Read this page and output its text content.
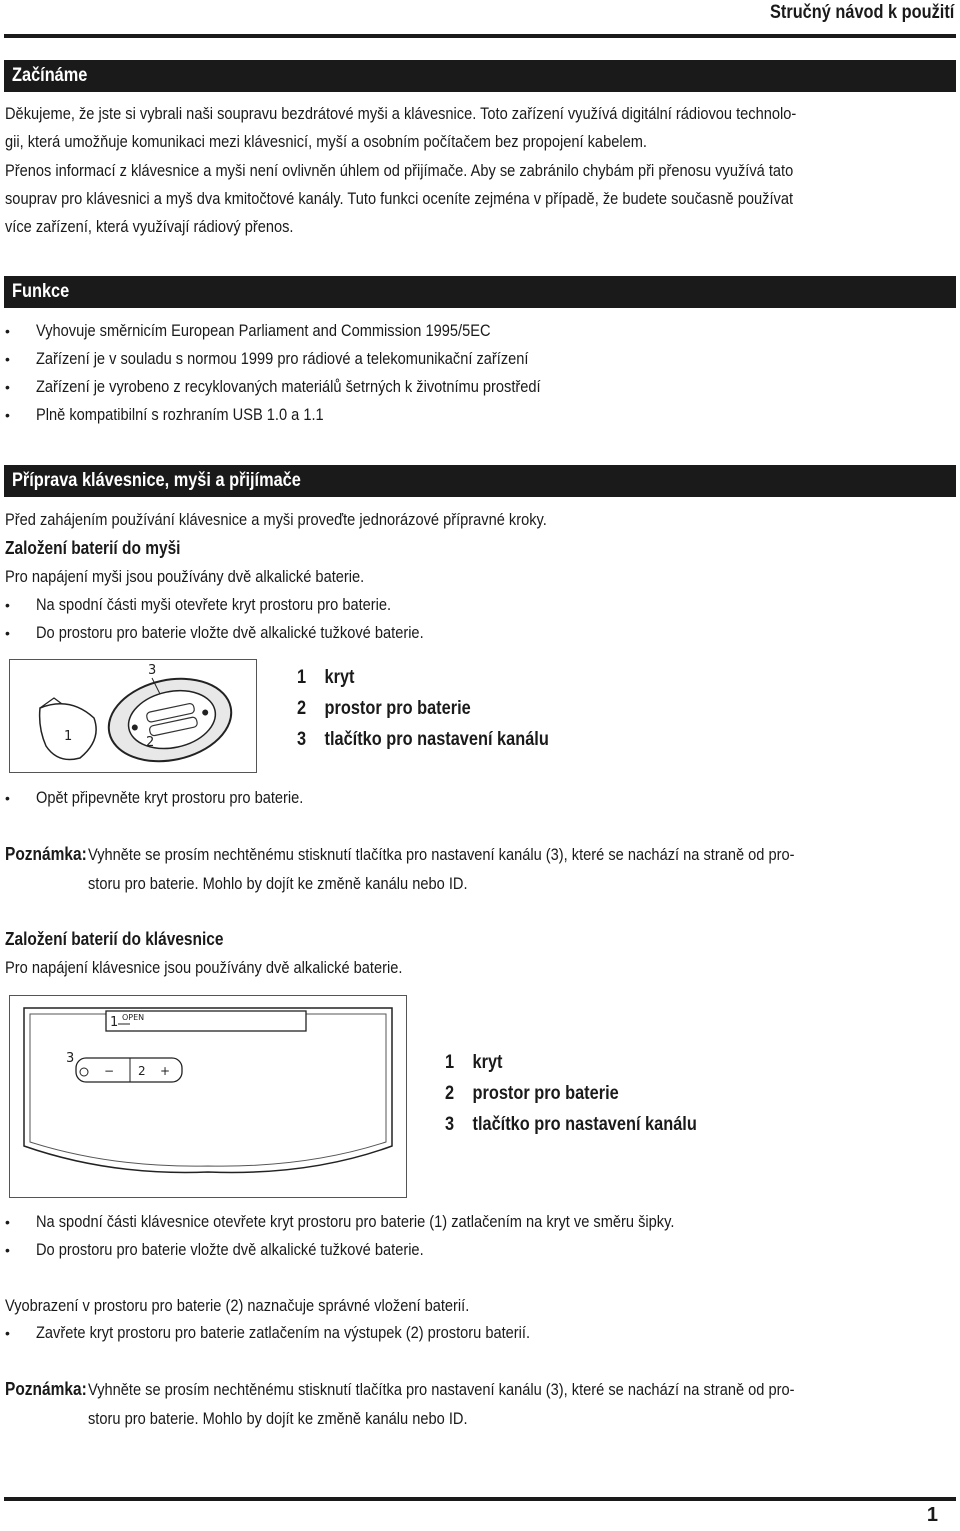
Stručný návod k použití
Začínáme
Děkujeme, že jste si vybrali naši soupravu bezdrátové myši a klávesnice. Toto zařízení využívá digitální rádiovou technolo-
gii, která umožňuje komunikaci mezi klávesnicí, myší a osobním počítačem bez propojení kabelem.
Přenos informací z klávesnice a myši není ovlivněn úhlem od přijímače. Aby se zabránilo chybám při přenosu využívá tato
souprav pro klávesnici a myš dva kmitočtové kanály. Tuto funkci oceníte zejména v případě, že budete současně používat
více zařízení, která využívají rádiový přenos.
Funkce
• Vyhovuje směrnicím European Parliament and Commission 1995/5EC
• Zařízení je v souladu s normou 1999 pro rádiové a telekomunikační zařízení
• Zařízení je vyrobeno z recyklovaných materiálů šetrných k životnímu prostředí
• Plně kompatibilní s rozhraním USB 1.0 a 1.1
Příprava klávesnice, myši a přijímače
Před zahájením používání klávesnice a myši proveďte jednorázové přípravné kroky.
Založení baterií do myši
Pro napájení myši jsou používány dvě alkalické baterie.
• Na spodní části myši otevřete kryt prostoru pro baterie.
• Do prostoru pro baterie vložte dvě alkalické tužkové baterie.
3
1	2
1 kryt
2 prostor pro baterie
3 tlačítko pro nastavení kanálu
• Opět připevněte kryt prostoru pro baterie.
Poznámka: Vyhněte se prosím nechtěnému stisknutí tlačítka pro nastavení kanálu (3), které se nachází na straně od pro-
storu pro baterie. Mohlo by dojít ke změně kanálu nebo ID.
Založení baterií do klávesnice
Pro napájení klávesnice jsou používány dvě alkalické baterie.
1 OPEN
3
− 2 +	1 kryt
2 prostor pro baterie
3 tlačítko pro nastavení kanálu
• Na spodní části klávesnice otevřete kryt prostoru pro baterie (1) zatlačením na kryt ve směru šipky.
• Do prostoru pro baterie vložte dvě alkalické tužkové baterie.
Vyobrazení v prostoru pro baterie (2) naznačuje správné vložení baterií.
• Zavřete kryt prostoru pro baterie zatlačením na výstupek (2) prostoru baterií.
Poznámka: Vyhněte se prosím nechtěnému stisknutí tlačítka pro nastavení kanálu (3), které se nachází na straně od pro-
storu pro baterie. Mohlo by dojít ke změně kanálu nebo ID.
1
